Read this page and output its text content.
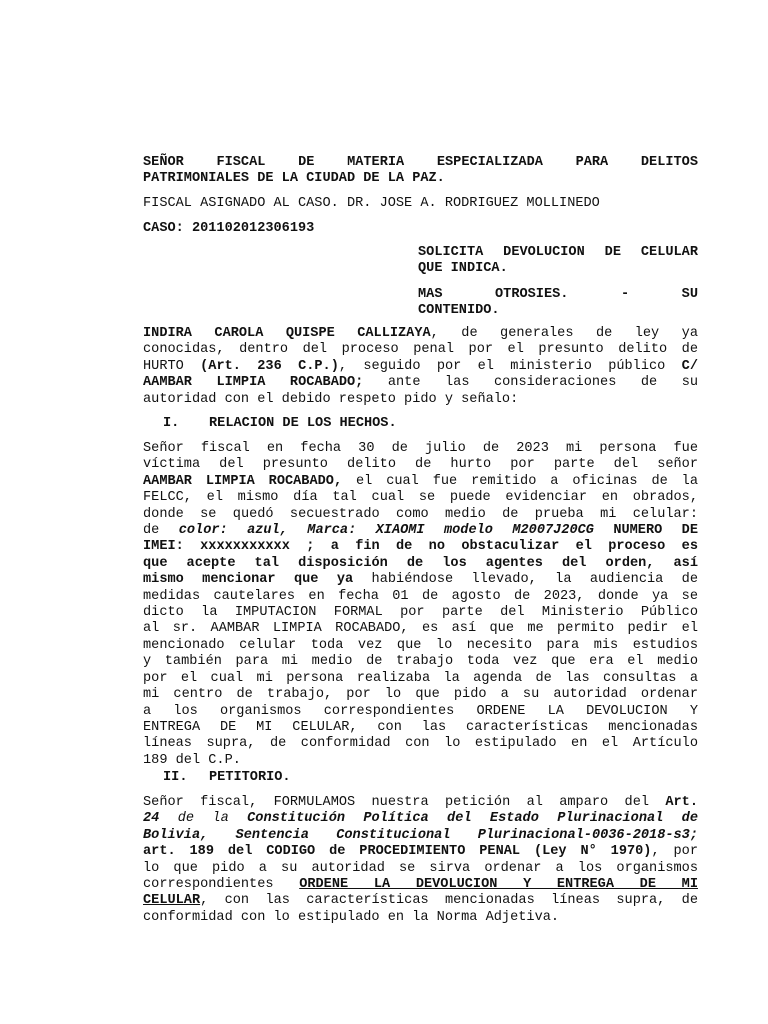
SEÑOR FISCAL DE MATERIA ESPECIALIZADA PARA DELITOS
PATRIMONIALES DE LA CIUDAD DE LA PAZ.
FISCAL ASIGNADO AL CASO. DR. JOSE A. RODRIGUEZ MOLLINEDO
CASO: 201102012306193
SOLICITA DEVOLUCION DE CELULAR
QUE INDICA.
MAS OTROSIES. - SU
CONTENIDO.
INDIRA CAROLA QUISPE CALLIZAYA, de generales de ley ya
conocidas, dentro del proceso penal por el presunto delito de
HURTO (Art. 236 C.P.), seguido por el ministerio público C/
AAMBAR LIMPIA ROCABADO; ante las consideraciones de su
autoridad con el debido respeto pido y señalo:
I. RELACION DE LOS HECHOS.
Señor fiscal en fecha 30 de julio de 2023 mi persona fue
víctima del presunto delito de hurto por parte del señor
AAMBAR LIMPIA ROCABADO, el cual fue remitido a oficinas de la
FELCC, el mismo día tal cual se puede evidenciar en obrados,
donde se quedó secuestrado como medio de prueba mi celular:
de color: azul, Marca: XIAOMI modelo M2007J20CG NUMERO DE
IMEI: xxxxxxxxxxx ; a fin de no obstaculizar el proceso es
que acepte tal disposición de los agentes del orden, así
mismo mencionar que ya habiéndose llevado, la audiencia de
medidas cautelares en fecha 01 de agosto de 2023, donde ya se
dicto la IMPUTACION FORMAL por parte del Ministerio Público
al sr. AAMBAR LIMPIA ROCABADO, es así que me permito pedir el
mencionado celular toda vez que lo necesito para mis estudios
y también para mi medio de trabajo toda vez que era el medio
por el cual mi persona realizaba la agenda de las consultas a
mi centro de trabajo, por lo que pido a su autoridad ordenar
a los organismos correspondientes ORDENE LA DEVOLUCION Y
ENTREGA DE MI CELULAR, con las características mencionadas
líneas supra, de conformidad con lo estipulado en el Artículo
189 del C.P.
II. PETITORIO.
Señor fiscal, FORMULAMOS nuestra petición al amparo del Art.
24 de la Constitución Política del Estado Plurinacional de
Bolivia, Sentencia Constitucional Plurinacional-0036-2018-s3;
art. 189 del CODIGO de PROCEDIMIENTO PENAL (Ley N° 1970), por
lo que pido a su autoridad se sirva ordenar a los organismos
correspondientes ORDENE LA DEVOLUCION Y ENTREGA DE MI
CELULAR, con las características mencionadas líneas supra, de
conformidad con lo estipulado en la Norma Adjetiva.
